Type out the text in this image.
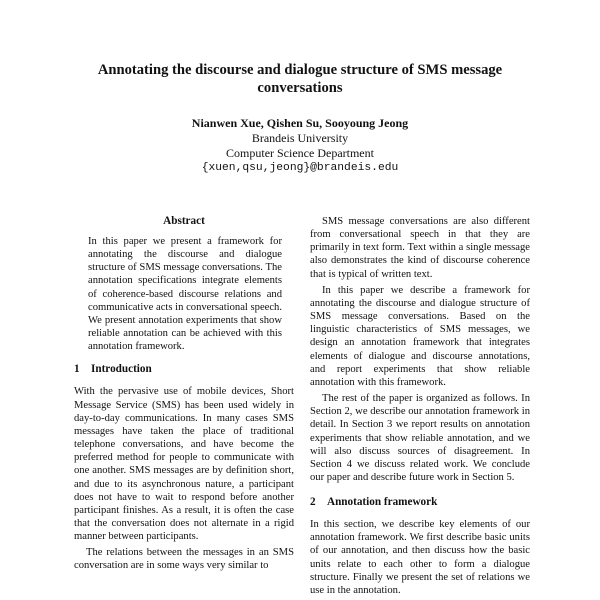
Annotating the discourse and dialogue structure of SMS message conversations
Nianwen Xue, Qishen Su, Sooyoung Jeong
Brandeis University
Computer Science Department
{xuen,qsu,jeong}@brandeis.edu
Abstract

In this paper we present a framework for annotating the discourse and dialogue structure of SMS message conversations. The annotation specifications integrate elements of coherence-based discourse relations and communicative acts in conversational speech. We present annotation experiments that show reliable annotation can be achieved with this annotation framework.

1 Introduction

With the pervasive use of mobile devices, Short Message Service (SMS) has been used widely in day-to-day communications. In many cases SMS messages have taken the place of traditional telephone conversations, and have become the preferred method for people to communicate with one another. SMS messages are by definition short, and due to its asynchronous nature, a participant does not have to wait to respond before another participant finishes. As a result, it is often the case that the conversation does not alternate in a rigid manner between participants.

The relations between the messages in an SMS conversation are in some ways very similar to

SMS message conversations are also different from conversational speech in that they are primarily in text form. Text within a single message also demonstrates the kind of discourse coherence that is typical of written text.

In this paper we describe a framework for annotating the discourse and dialogue structure of SMS message conversations. Based on the linguistic characteristics of SMS messages, we design an annotation framework that integrates elements of dialogue and discourse annotations, and report experiments that show reliable annotation with this framework.

The rest of the paper is organized as follows. In Section 2, we describe our annotation framework in detail. In Section 3 we report results on annotation experiments that show reliable annotation, and we will also discuss sources of disagreement. In Section 4 we discuss related work. We conclude our paper and describe future work in Section 5.

2 Annotation framework

In this section, we describe key elements of our annotation framework. We first describe basic units of our annotation, and then discuss how the basic units relate to each other to form a dialogue structure. Finally we present the set of relations we use in the annotation.
